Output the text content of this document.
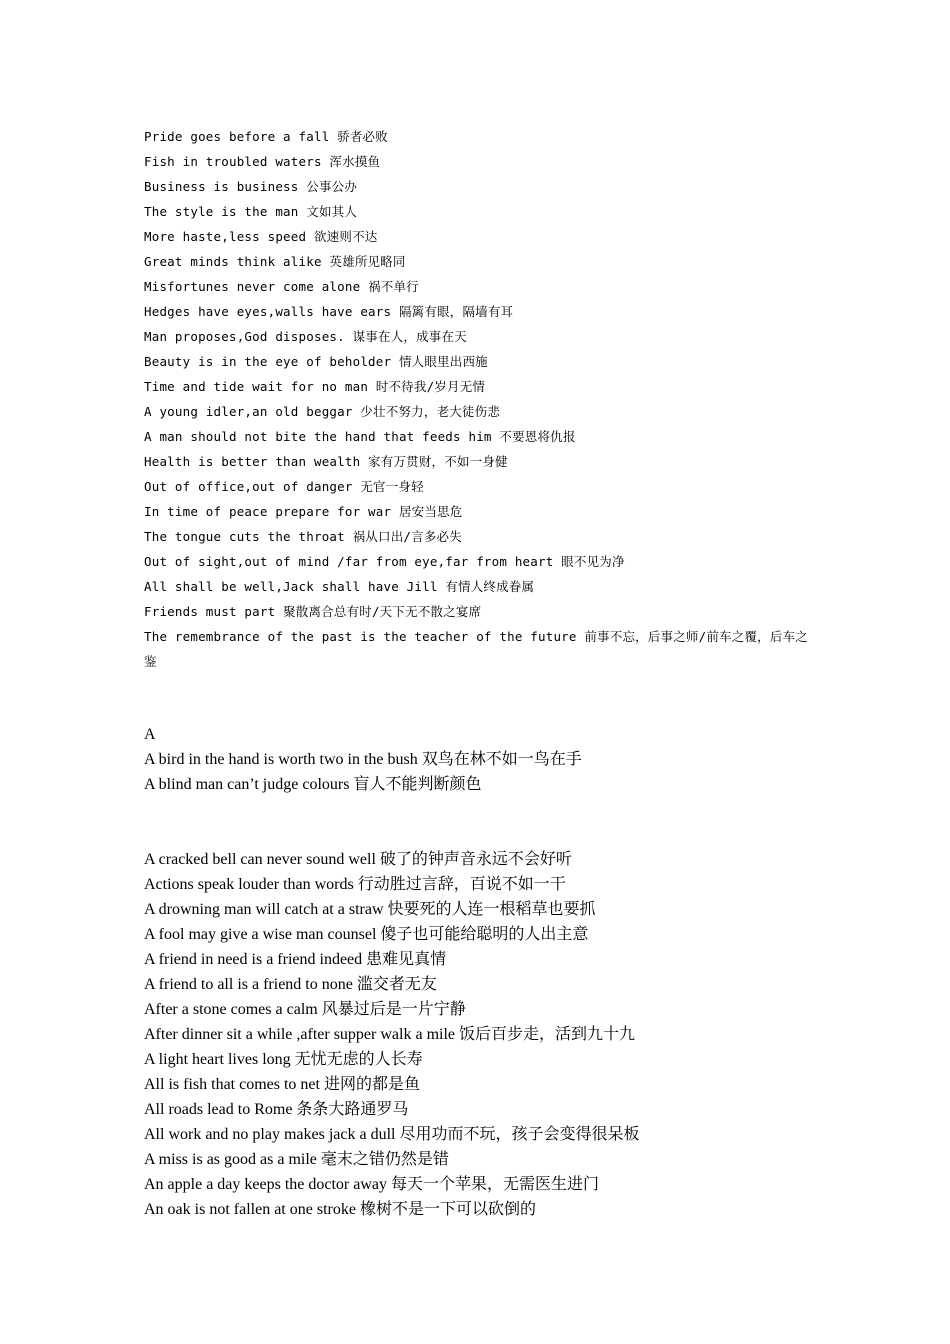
Pride goes before a fall 骄者必败
Fish in troubled waters 浑水摸鱼
Business is business 公事公办
The style is the man 文如其人
More haste,less speed 欲速则不达
Great minds think alike 英雄所见略同
Misfortunes never come alone 祸不单行
Hedges have eyes,walls have ears 隔篱有眼，隔墙有耳
Man proposes,God disposes. 谋事在人，成事在天
Beauty is in the eye of beholder 情人眼里出西施
Time and tide wait for no man 时不待我/岁月无情
A young idler,an old beggar 少壮不努力，老大徒伤悲
A man should not bite the hand that feeds him 不要恩将仇报
Health is better than wealth 家有万贯财，不如一身健
Out of office,out of danger 无官一身轻
In time of peace prepare for war 居安当思危
The tongue cuts the throat 祸从口出/言多必失
Out of sight,out of mind /far from eye,far from heart 眼不见为净
All shall be well,Jack shall have Jill 有情人终成眷属
Friends must part 聚散离合总有时/天下无不散之宴席
The remembrance of the past is the teacher of the future 前事不忘，后事之师/前车之覆，后车之鉴
A
A bird in the hand is worth two in the bush 双鸟在林不如一鸟在手
A blind man can’t judge colours 盲人不能判断颜色
A cracked bell can never sound well 破了的钟声音永远不会好听
Actions speak louder than words 行动胜过言辞，百说不如一干
A drowning man will catch at a straw 快要死的人连一根稻草也要抓
A fool may give a wise man counsel 傻子也可能给聪明的人出主意
A friend in need is a friend indeed 患难见真情
A friend to all is a friend to none 滥交者无友
After a stone comes a calm 风暴过后是一片宁静
After dinner sit a while ,after supper walk a mile 饭后百步走，活到九十九
A light heart lives long 无忧无虑的人长寿
All is fish that comes to net 进网的都是鱼
All roads lead to Rome 条条大路通罗马
All work and no play makes jack a dull 尽用功而不玩，孩子会变得很呆板
A miss is as good as a mile 毫末之错仍然是错
An apple a day keeps the doctor away 每天一个苹果，无需医生进门
An oak is not fallen at one stroke 橡树不是一下可以砍倒的
